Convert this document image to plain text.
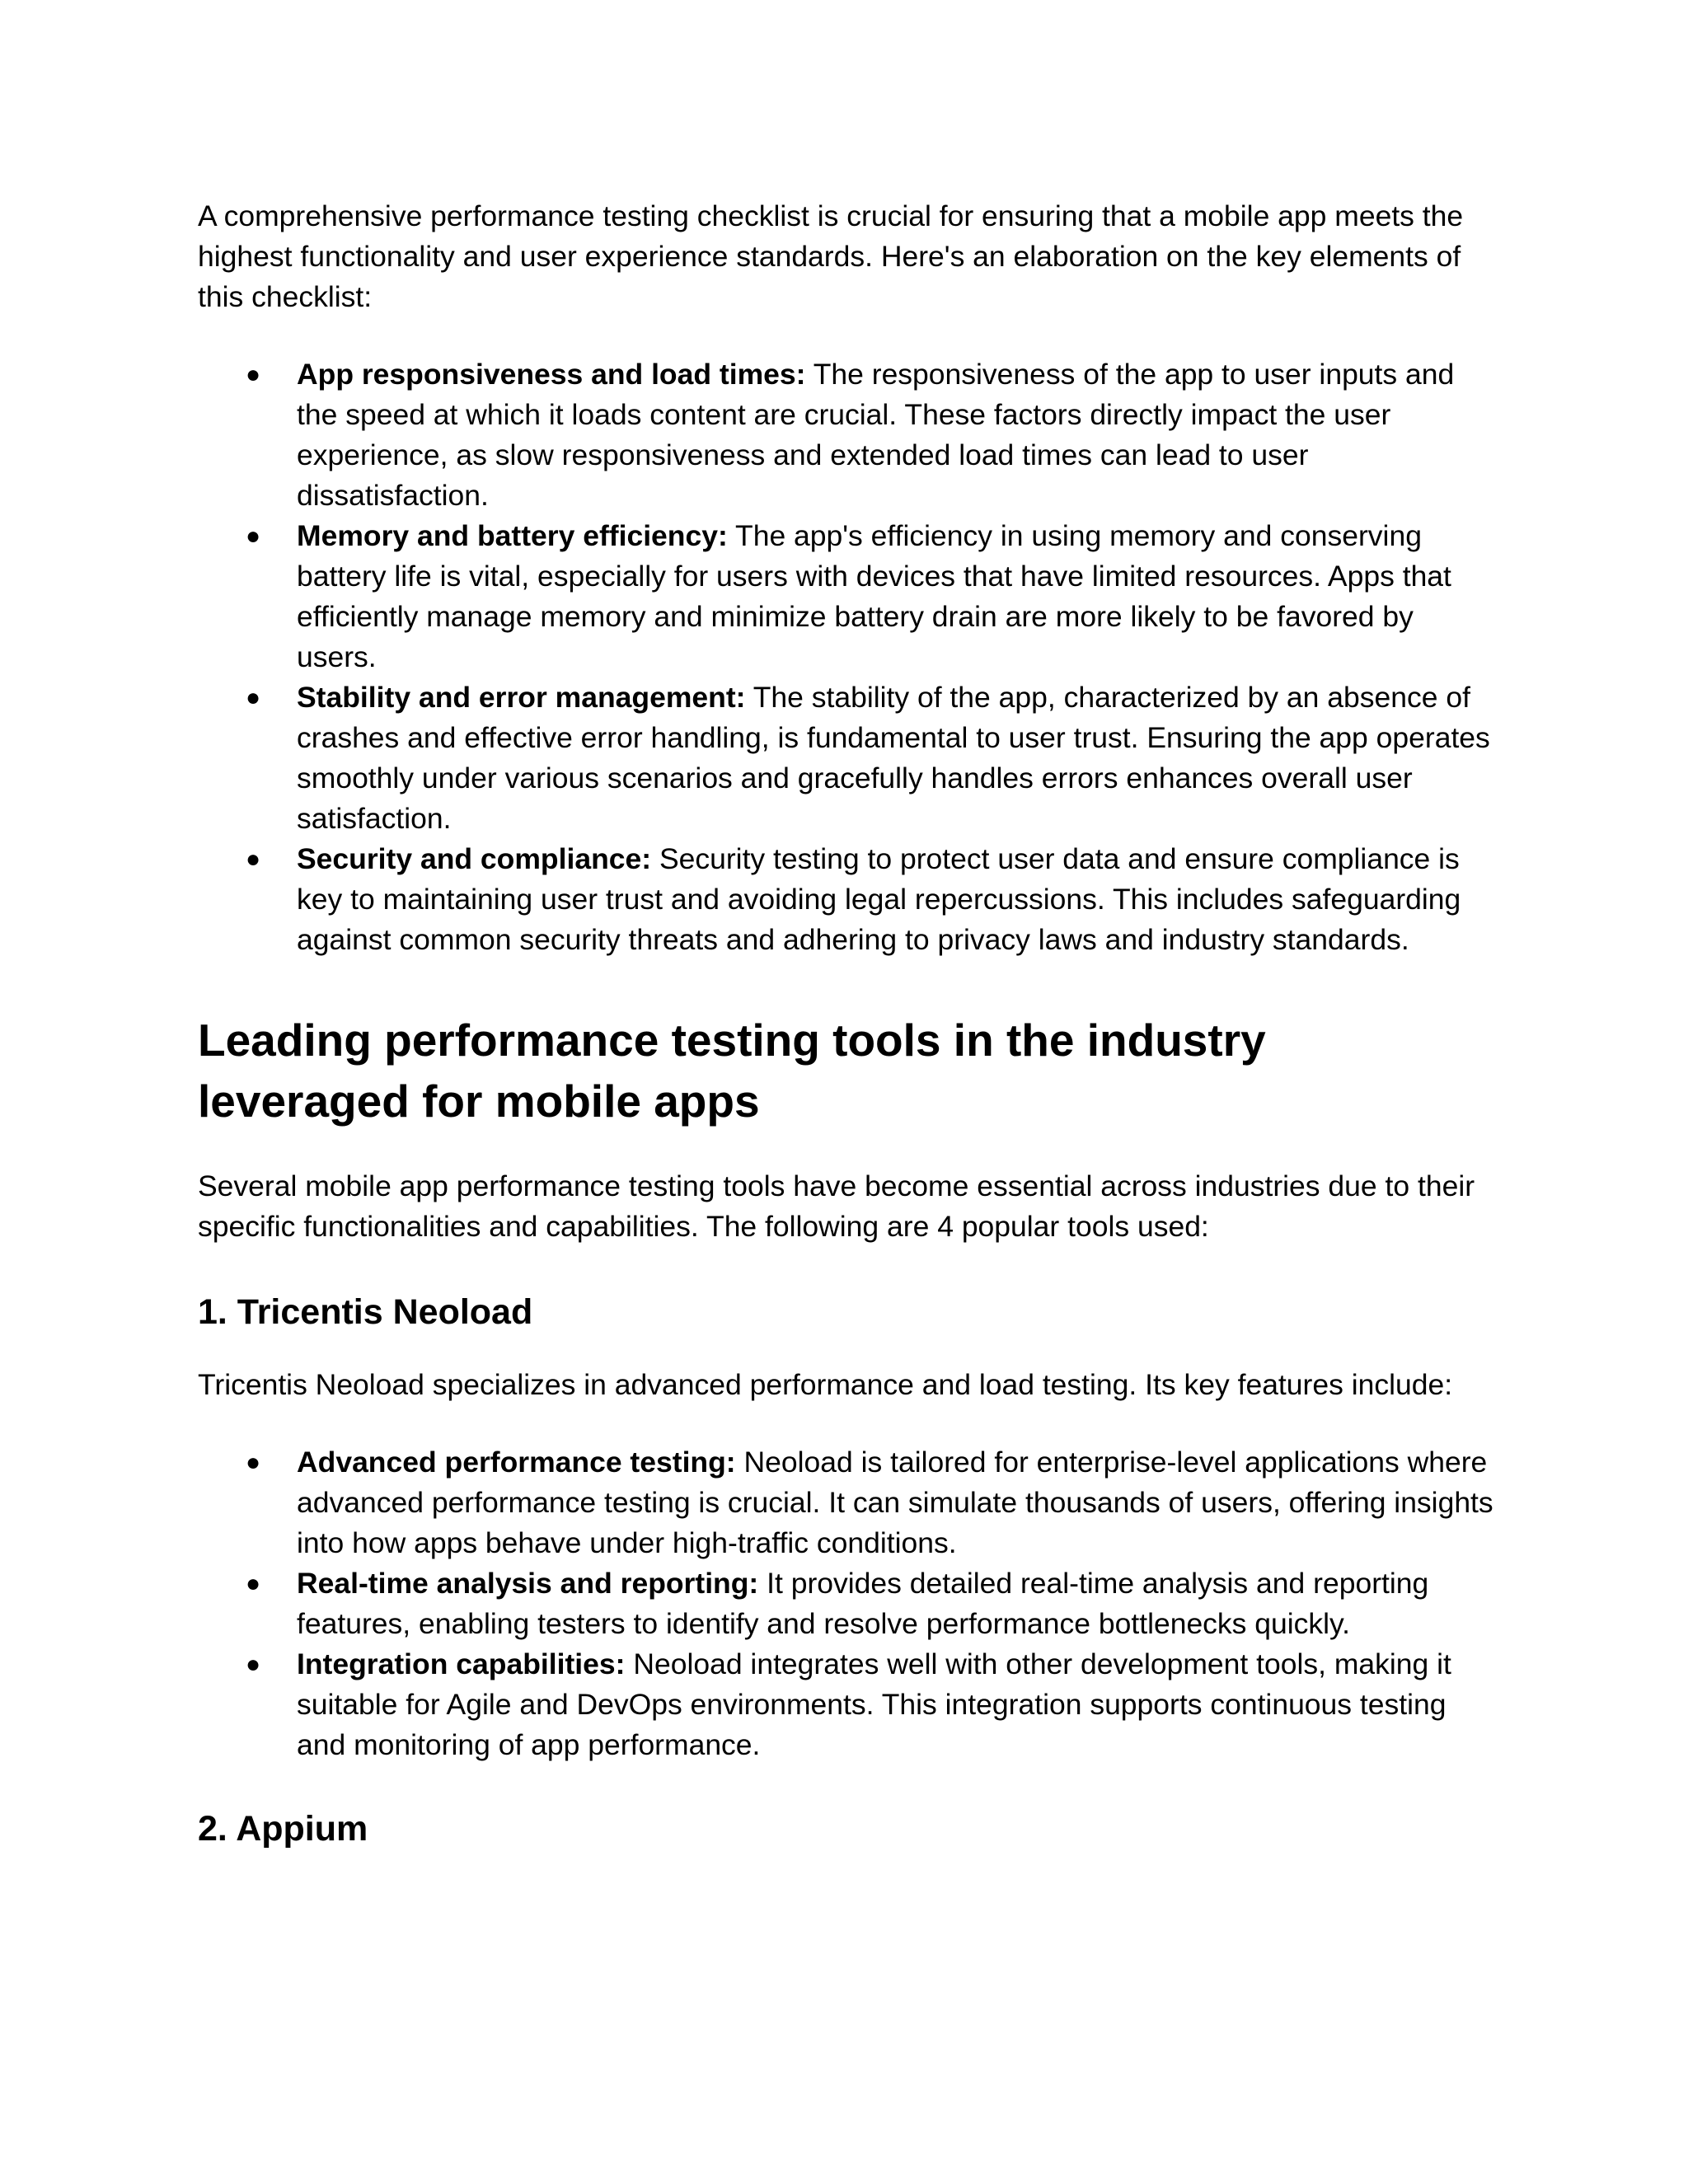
A comprehensive performance testing checklist is crucial for ensuring that a mobile app meets the highest functionality and user experience standards. Here's an elaboration on the key elements of this checklist:

● App responsiveness and load times: The responsiveness of the app to user inputs and the speed at which it loads content are crucial. These factors directly impact the user experience, as slow responsiveness and extended load times can lead to user dissatisfaction.
● Memory and battery efficiency: The app's efficiency in using memory and conserving battery life is vital, especially for users with devices that have limited resources. Apps that efficiently manage memory and minimize battery drain are more likely to be favored by users.
● Stability and error management: The stability of the app, characterized by an absence of crashes and effective error handling, is fundamental to user trust. Ensuring the app operates smoothly under various scenarios and gracefully handles errors enhances overall user satisfaction.
● Security and compliance: Security testing to protect user data and ensure compliance is key to maintaining user trust and avoiding legal repercussions. This includes safeguarding against common security threats and adhering to privacy laws and industry standards.
Leading performance testing tools in the industry
leveraged for mobile apps

Several mobile app performance testing tools have become essential across industries due to their specific functionalities and capabilities. The following are 4 popular tools used:

1. Tricentis Neoload

Tricentis Neoload specializes in advanced performance and load testing. Its key features include:

● Advanced performance testing: Neoload is tailored for enterprise-level applications where advanced performance testing is crucial. It can simulate thousands of users, offering insights into how apps behave under high-traffic conditions.
● Real-time analysis and reporting: It provides detailed real-time analysis and reporting features, enabling testers to identify and resolve performance bottlenecks quickly.
● Integration capabilities: Neoload integrates well with other development tools, making it suitable for Agile and DevOps environments. This integration supports continuous testing and monitoring of app performance.
2. Appium
